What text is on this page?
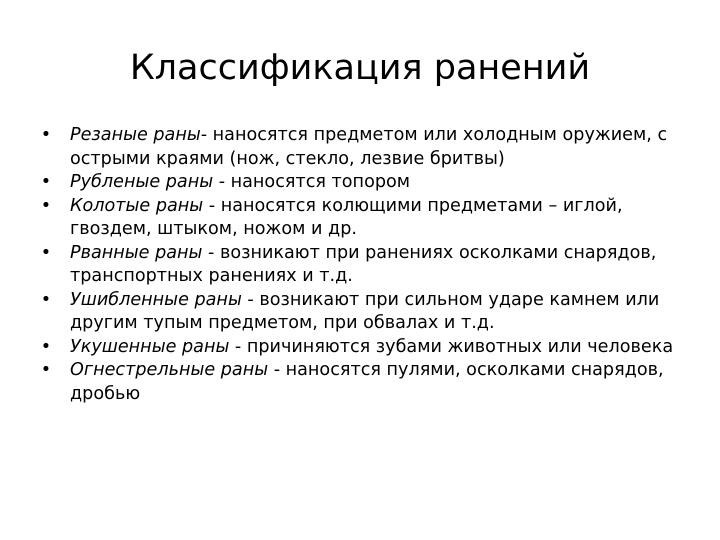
Классификация ранений
• Резаные раны- наносятся предметом или холодным оружием, с острыми краями (нож, стекло, лезвие бритвы)
• Рубленые раны - наносятся топором
• Колотые раны - наносятся колющими предметами – иглой, гвоздем, штыком, ножом и др.
• Рванные раны - возникают при ранениях осколками снарядов, транспортных ранениях и т.д.
• Ушибленные раны - возникают при сильном ударе камнем или другим тупым предметом, при обвалах и т.д.
• Укушенные раны - причиняются зубами животных или человека
• Огнестрельные раны - наносятся пулями, осколками снарядов, дробью
